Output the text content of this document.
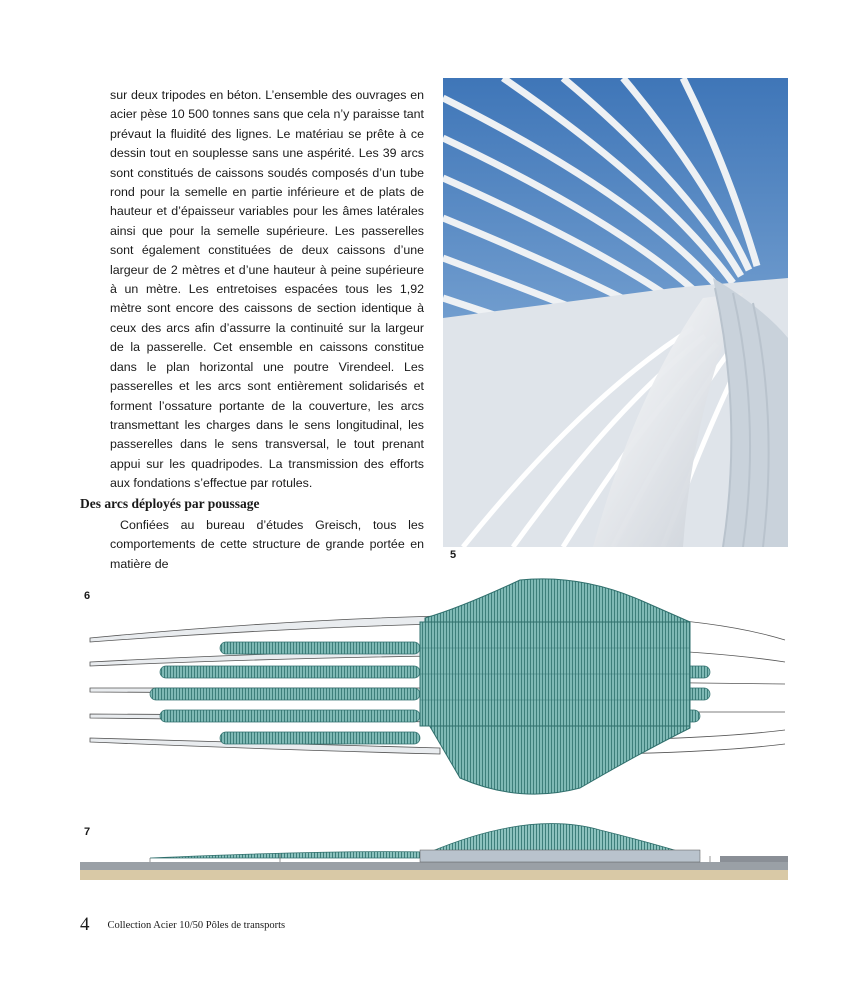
sur deux tripodes en béton. L’ensemble des ouvrages en acier pèse 10 500 tonnes sans que cela n’y paraisse tant prévaut la fluidité des lignes. Le matériau se prête à ce dessin tout en souplesse sans une aspérité. Les 39 arcs sont constitués de caissons soudés composés d’un tube rond pour la semelle en partie inférieure et de plats de hauteur et d’épaisseur variables pour les âmes latérales ainsi que pour la semelle supérieure. Les passerelles sont également constituées de deux caissons d’une largeur de 2 mètres et d’une hauteur à peine supérieure à un mètre. Les entretoises espacées tous les 1,92 mètre sont encore des caissons de section identique à ceux des arcs afin d’assurre la continuité sur la largeur de la passerelle. Cet ensemble en caissons constitue dans le plan horizontal une poutre Virendeel. Les passerelles et les arcs sont entièrement solidarisés et forment l’ossature portante de la couverture, les arcs transmettant les charges dans le sens longitudinal, les passerelles dans le sens transversal, le tout prenant appui sur les quadripodes. La transmission des efforts aux fondations s’effectue par rotules.

Des arcs déployés par poussage

Confiées au bureau d’études Greisch, tous les comportements de cette structure de grande portée en matière de

5
6
7
4 Collection Acier 10/50 Pôles de transports
